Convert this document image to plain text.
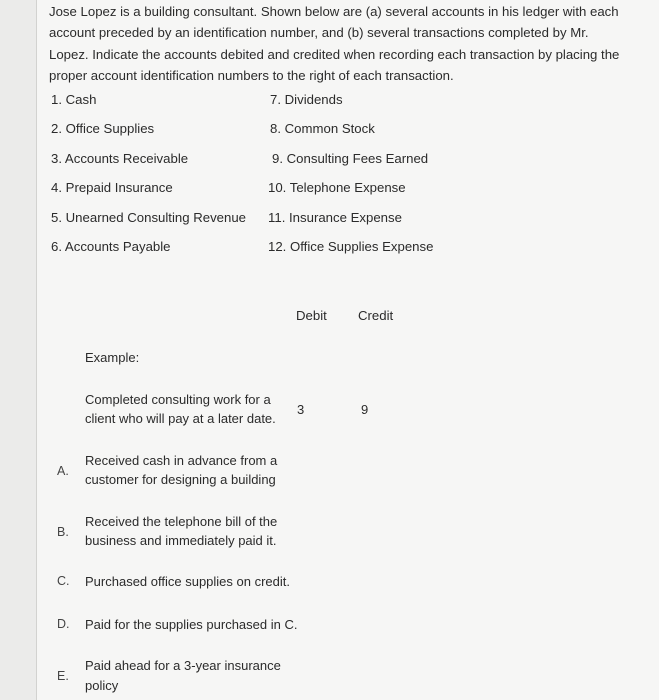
Jose Lopez is a building consultant. Shown below are (a) several accounts in his ledger with each account preceded by an identification number, and (b) several transactions completed by Mr. Lopez. Indicate the accounts debited and credited when recording each transaction by placing the proper account identification numbers to the right of each transaction.
1. Cash
2. Office Supplies
3. Accounts Receivable
4. Prepaid Insurance
5. Unearned Consulting Revenue
6. Accounts Payable
7. Dividends
8. Common Stock
9. Consulting Fees Earned
10. Telephone Expense
11. Insurance Expense
12. Office Supplies Expense
Debit Credit
Example:
Completed consulting work for a
client who will pay at a later date.
3	9
A.
Received cash in advance from a
customer for designing a building
B.
Received the telephone bill of the
business and immediately paid it.
C. Purchased office supplies on credit.
D. Paid for the supplies purchased in C.
E.
Paid ahead for a 3-year insurance
policy
